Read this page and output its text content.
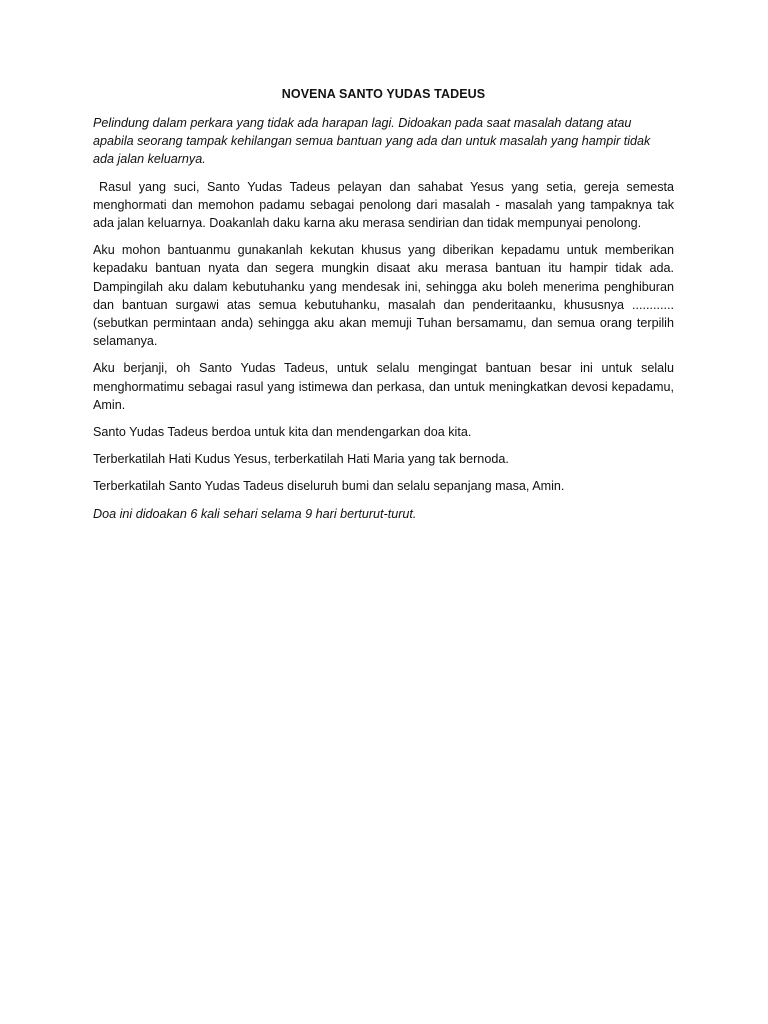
NOVENA SANTO YUDAS TADEUS

Pelindung dalam perkara yang tidak ada harapan lagi. Didoakan pada saat masalah datang atau apabila seorang tampak kehilangan semua bantuan yang ada dan untuk masalah yang hampir tidak ada jalan keluarnya.

Rasul yang suci, Santo Yudas Tadeus pelayan dan sahabat Yesus yang setia, gereja semesta menghormati dan memohon padamu sebagai penolong dari masalah - masalah yang tampaknya tak ada jalan keluarnya. Doakanlah daku karna aku merasa sendirian dan tidak mempunyai penolong.

Aku mohon bantuanmu gunakanlah kekutan khusus yang diberikan kepadamu untuk memberikan kepadaku bantuan nyata dan segera mungkin disaat aku merasa bantuan itu hampir tidak ada. Dampingilah aku dalam kebutuhanku yang mendesak ini, sehingga aku boleh menerima penghiburan dan bantuan surgawi atas semua kebutuhanku, masalah dan penderitaanku, khususnya ............ (sebutkan permintaan anda) sehingga aku akan memuji Tuhan bersamamu, dan semua orang terpilih selamanya.

Aku berjanji, oh Santo Yudas Tadeus, untuk selalu mengingat bantuan besar ini untuk selalu menghormatimu sebagai rasul yang istimewa dan perkasa, dan untuk meningkatkan devosi kepadamu, Amin.

Santo Yudas Tadeus berdoa untuk kita dan mendengarkan doa kita.

Terberkatilah Hati Kudus Yesus, terberkatilah Hati Maria yang tak bernoda.

Terberkatilah Santo Yudas Tadeus diseluruh bumi dan selalu sepanjang masa, Amin.

Doa ini didoakan 6 kali sehari selama 9 hari berturut-turut.
